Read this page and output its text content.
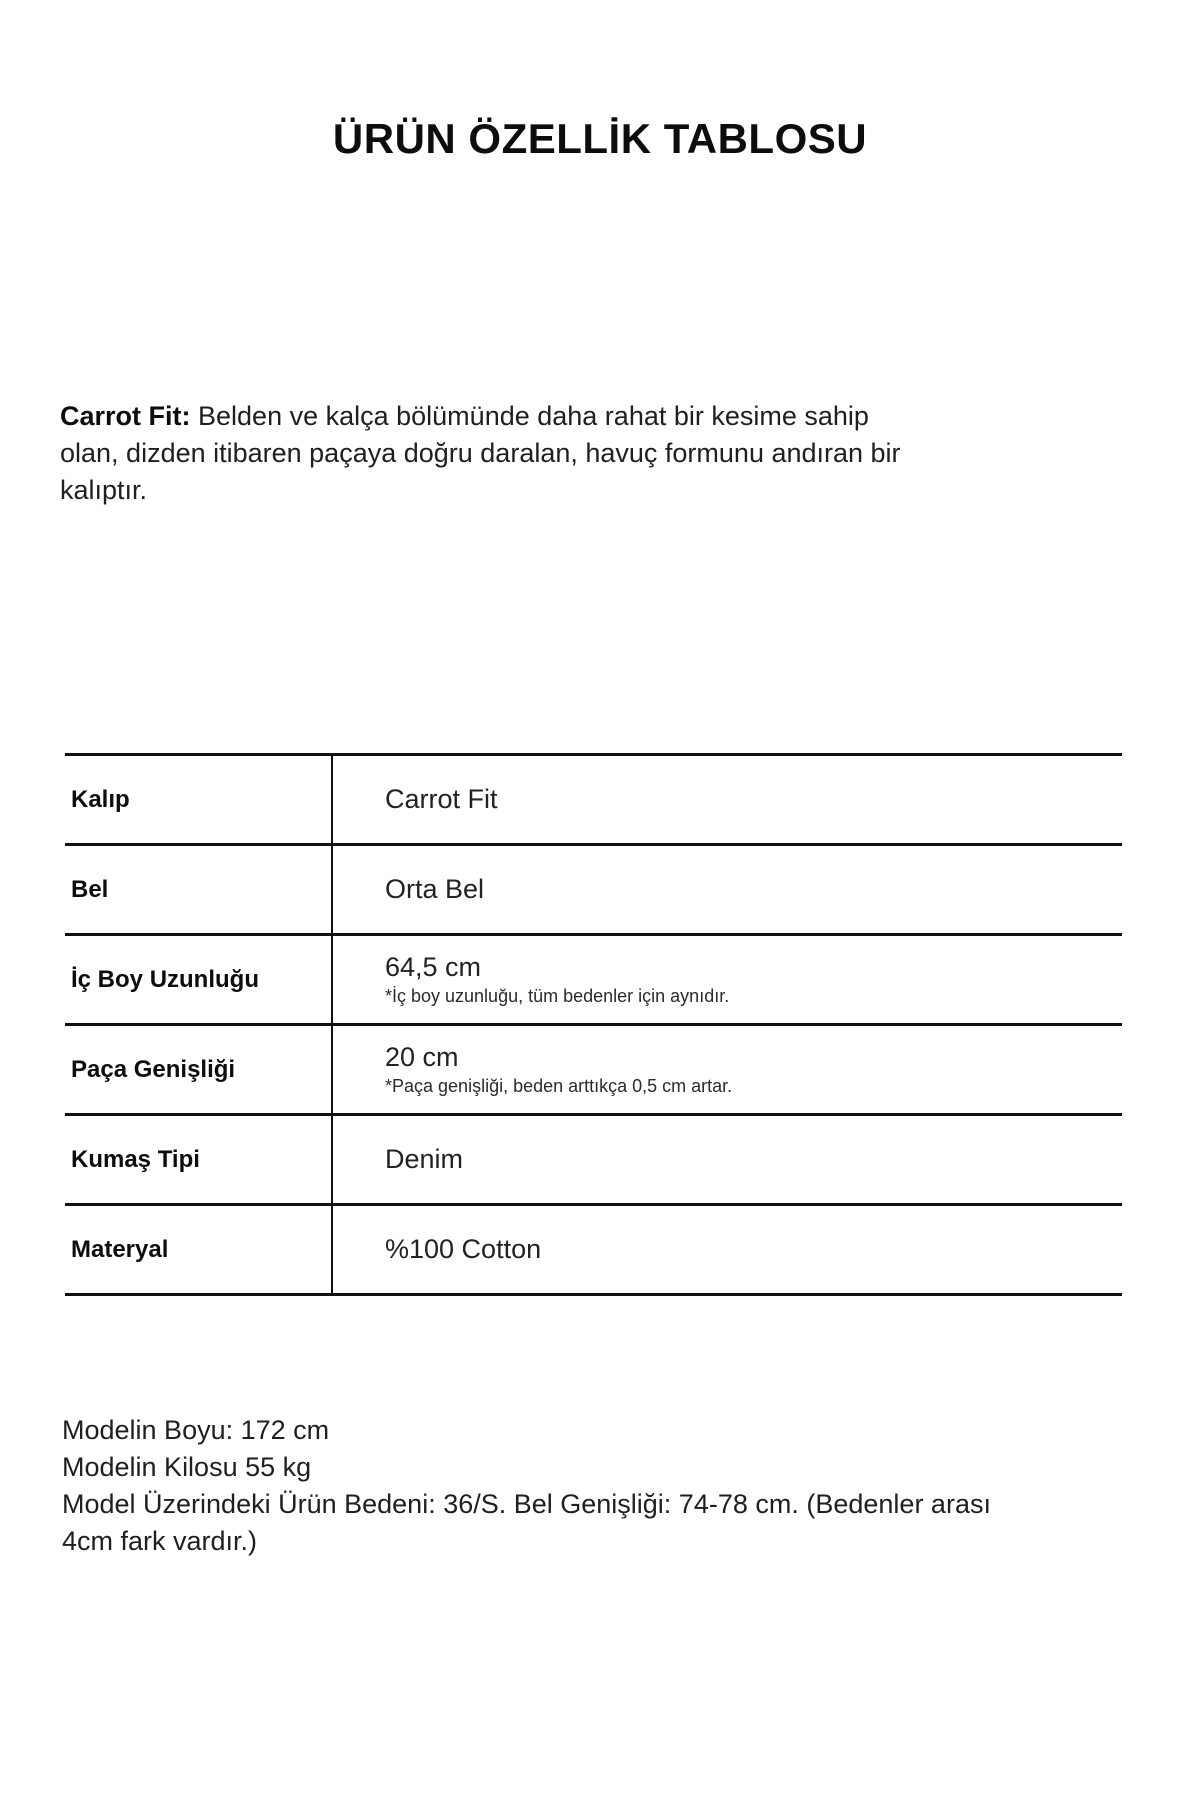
ÜRÜN ÖZELLİK TABLOSU

Carrot Fit: Belden ve kalça bölümünde daha rahat bir kesime sahip olan, dizden itibaren paçaya doğru daralan, havuç formunu andıran bir kalıptır.

Kalıp	Carrot Fit
Bel	Orta Bel
İç Boy Uzunluğu	64,5 cm
*İç boy uzunluğu, tüm bedenler için aynıdır.
Paça Genişliği	20 cm
*Paça genişliği, beden arttıkça 0,5 cm artar.
Kumaş Tipi	Denim
Materyal	%100 Cotton
Modelin Boyu: 172 cm
Modelin Kilosu 55 kg
Model Üzerindeki Ürün Bedeni: 36/S. Bel Genişliği: 74-78 cm. (Bedenler arası 4cm fark vardır.)
